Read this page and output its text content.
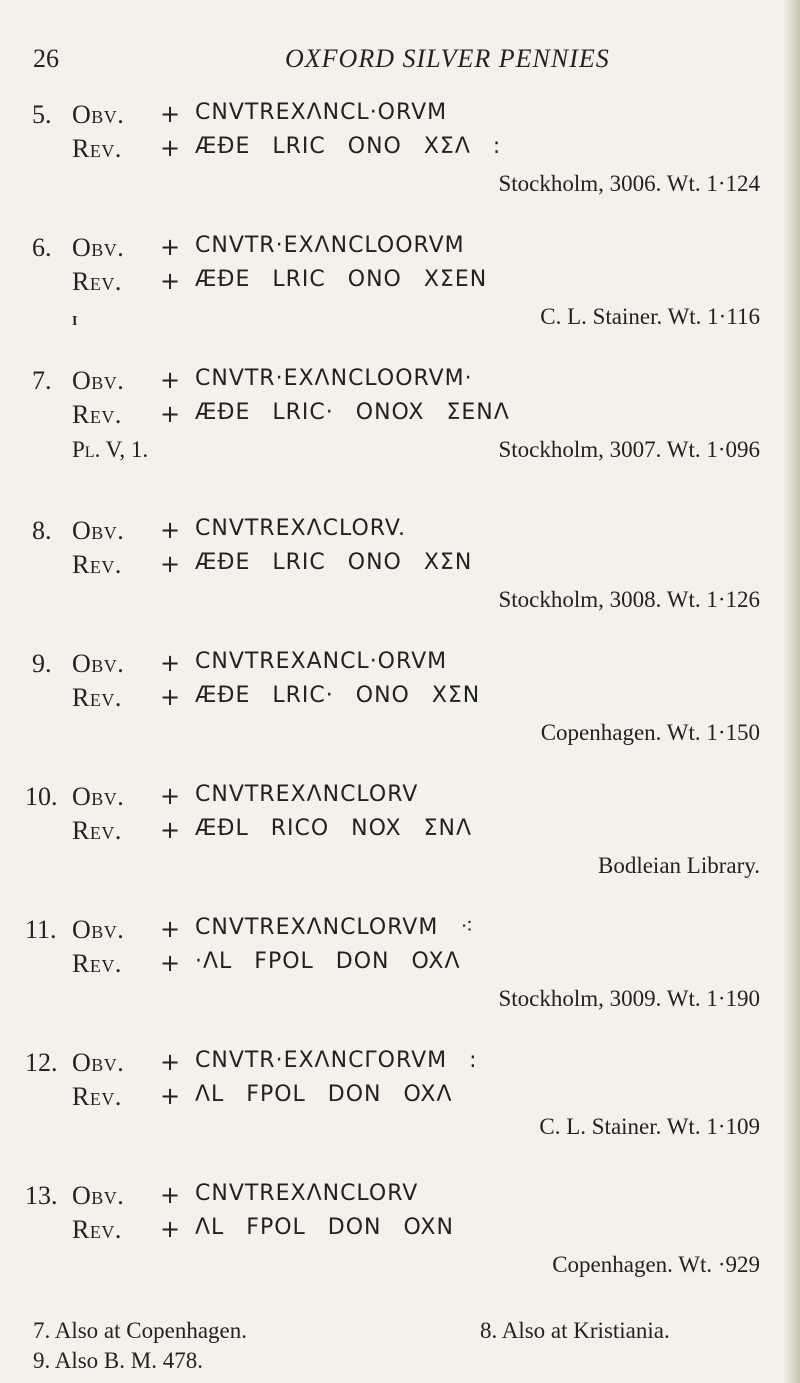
26	OXFORD SILVER PENNIES
5. Obv. + CNVTREXΛNCL·ORVM
Rev. + ÆÐE LRIC ONO XΣΛ :
Stockholm, 3006. Wt. 1·124
6. Obv. + CNVTR·EXΛNCLOORVM
Rev. + ÆÐE LRIC ONO XΣEN
I	C. L. Stainer. Wt. 1·116
7. Obv. + CNVTR·EXΛNCLOORVM·
Rev. + ÆÐE LRIC· ONOX ΣENΛ
Pl. V, 1.	Stockholm, 3007. Wt. 1·096
8. Obv. + CNVTREXΛCLORV.
Rev. + ÆÐE LRIC ONO XΣN
Stockholm, 3008. Wt. 1·126
9. Obv. + CNVTREXANCL·ORVM
Rev. + ÆÐE LRIC· ONO XΣN
Copenhagen. Wt. 1·150
10. Obv. + CNVTREXΛNCLORV
Rev. + ÆÐL RICO NOX ΣNΛ
Bodleian Library.
11. Obv. + CNVTREXΛNCLORVM ⁖
Rev. + ·ΛL FPOL DON OXΛ
Stockholm, 3009. Wt. 1·190
12. Obv. + CNVTR·EXΛNCΓORVM :
Rev. + ΛL FPOL DON OXΛ
C. L. Stainer. Wt. 1·109
13. Obv. + CNVTREXΛNCLORV
Rev. + ΛL FPOL DON OXN
Copenhagen. Wt. ·929
7. Also at Copenhagen.	8. Also at Kristiania.
9. Also B. M. 478.
